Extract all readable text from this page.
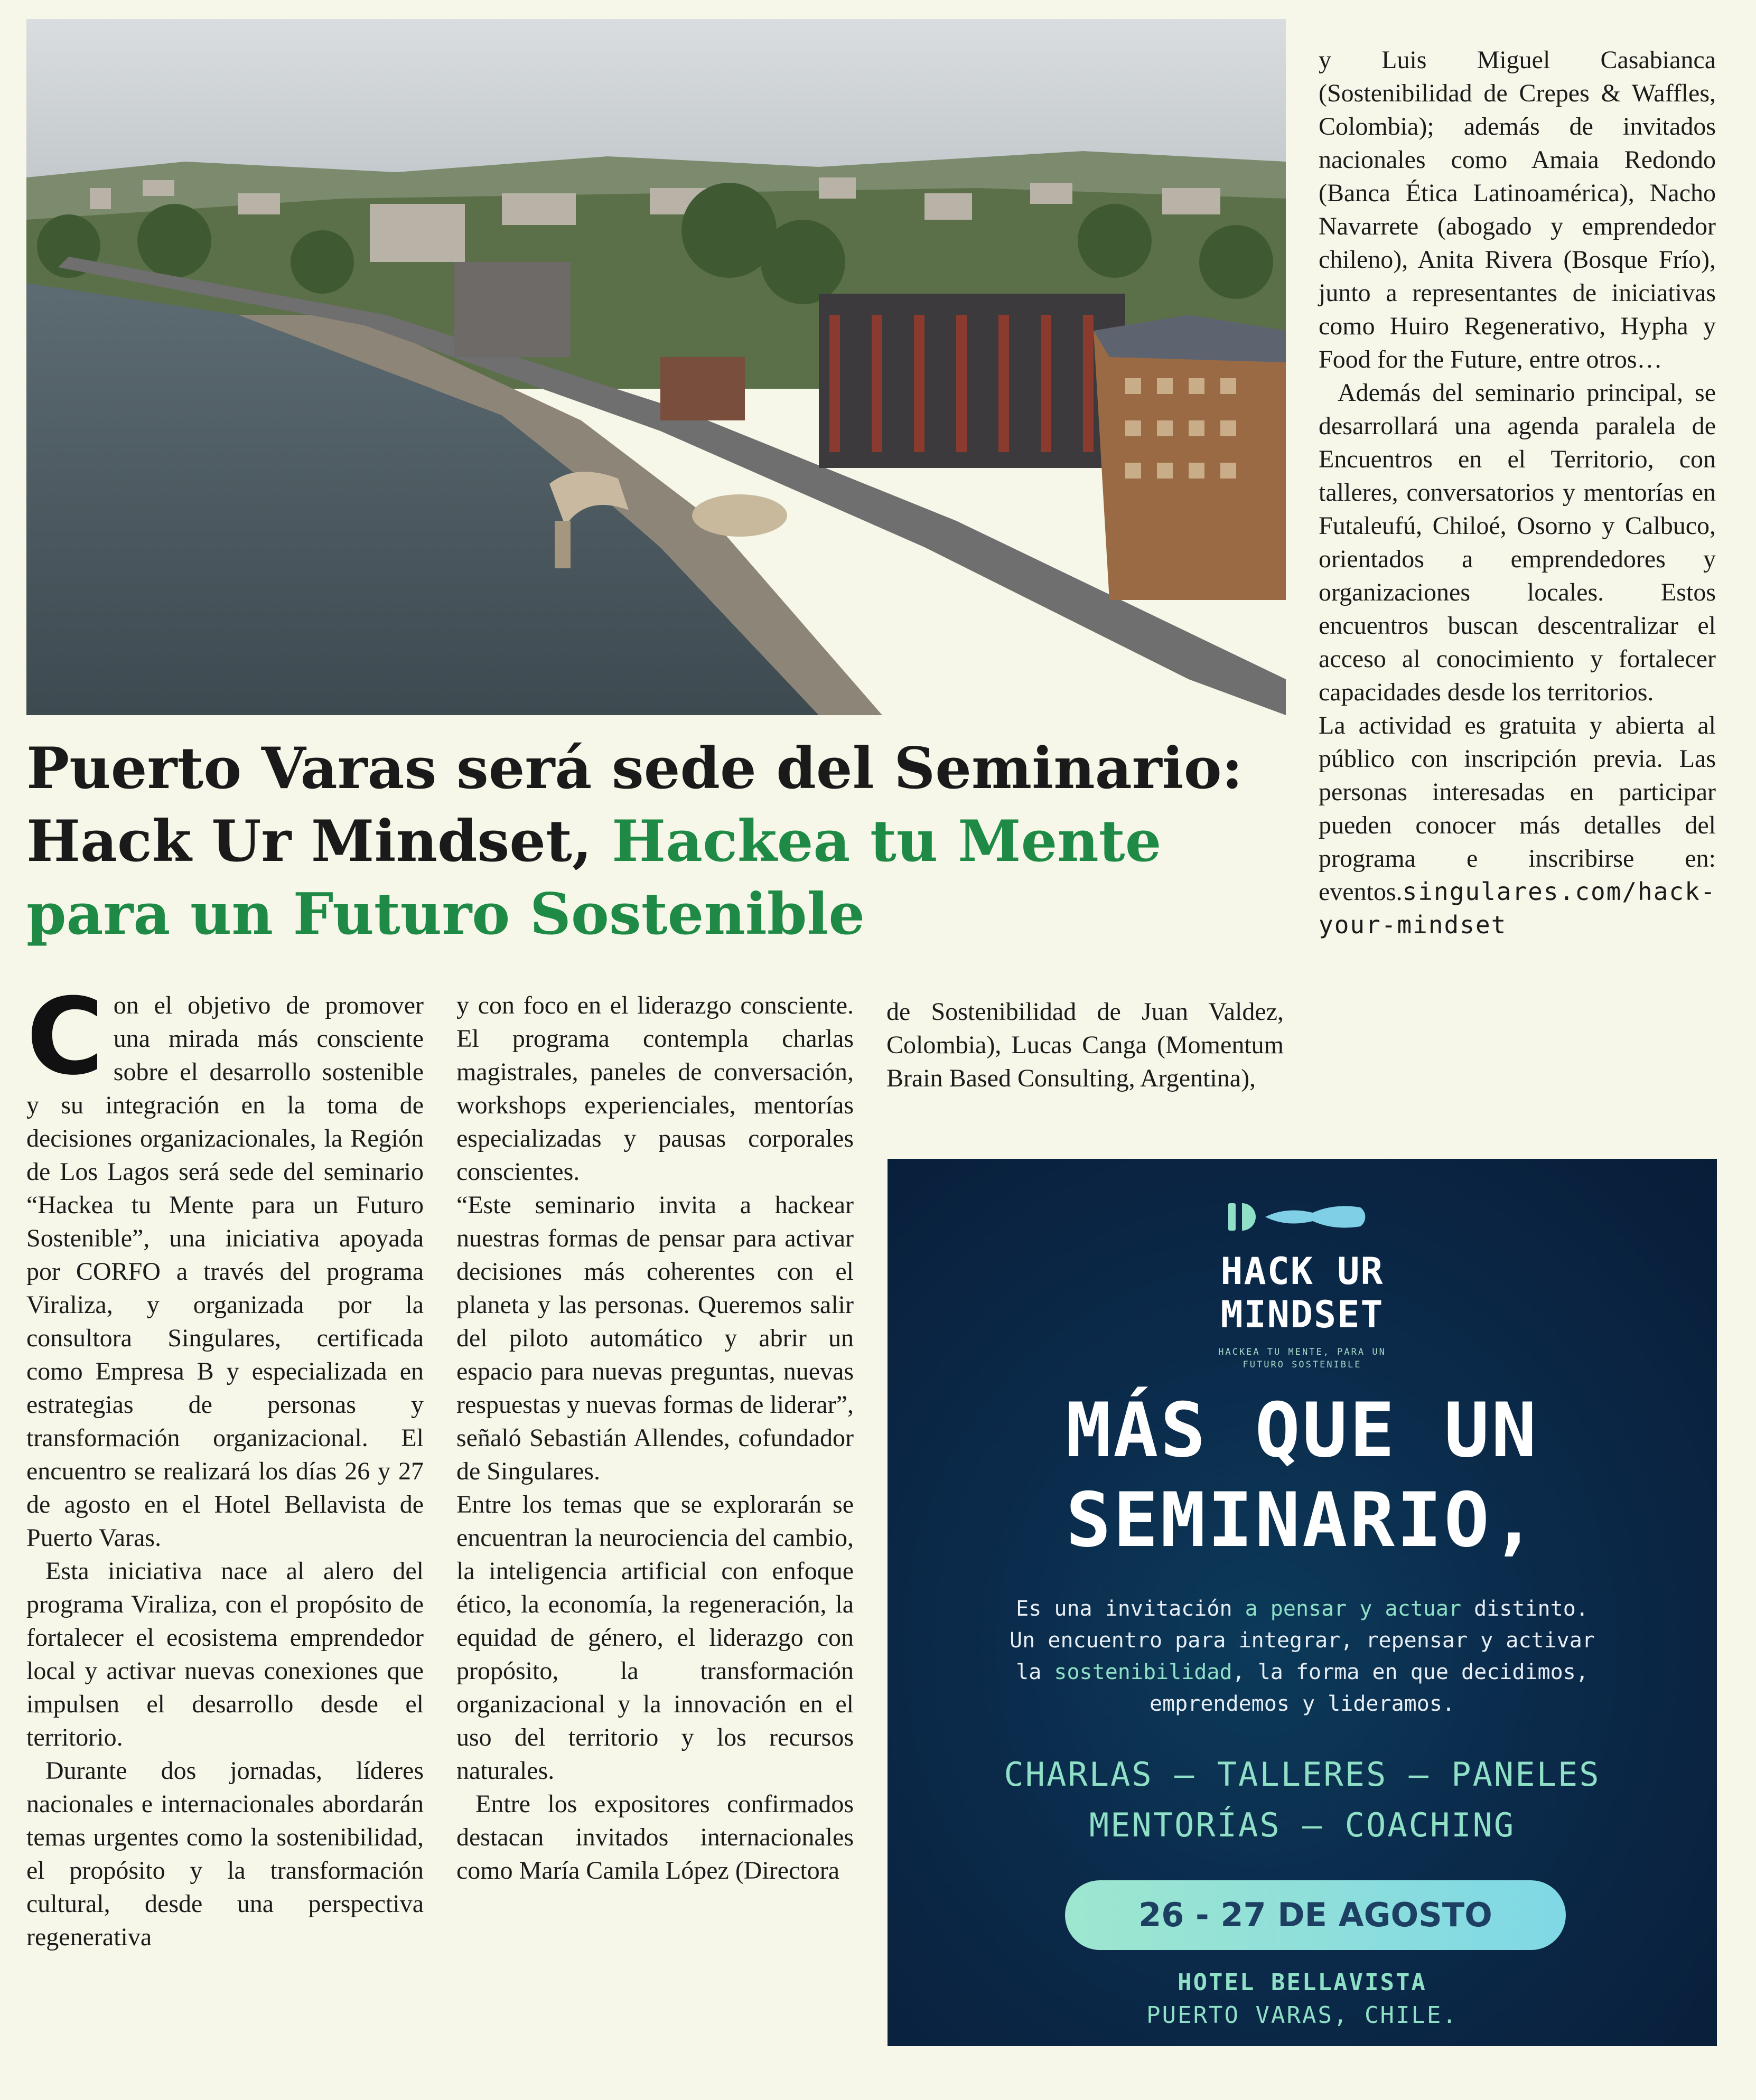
Puerto Varas será sede del Seminario: Hack Ur Mindset, Hackea tu Mente para un Futuro Sostenible

Con el objetivo de promover una mirada más consciente sobre el desarrollo sostenible y su integración en la toma de decisiones organizacionales, la Región de Los Lagos será sede del seminario “Hackea tu Mente para un Futuro Sostenible”, una iniciativa apoyada por CORFO a través del programa Viraliza, y organizada por la consultora Singulares, certificada como Empresa B y especializada en estrategias de personas y transformación organizacional. El encuentro se realizará los días 26 y 27 de agosto en el Hotel Bellavista de Puerto Varas.

Esta iniciativa nace al alero del programa Viraliza, con el propósito de fortalecer el ecosistema emprendedor local y activar nuevas conexiones que impulsen el desarrollo desde el territorio.

Durante dos jornadas, líderes nacionales e internacionales abordarán temas urgentes como la sostenibilidad, el propósito y la transformación cultural, desde una perspectiva regenerativa

y con foco en el liderazgo consciente. El programa contempla charlas magistrales, paneles de conversación, workshops experienciales, mentorías especializadas y pausas corporales conscientes.

“Este seminario invita a hackear nuestras formas de pensar para activar decisiones más coherentes con el planeta y las personas. Queremos salir del piloto automático y abrir un espacio para nuevas preguntas, nuevas respuestas y nuevas formas de liderar”, señaló Sebastián Allendes, cofundador de Singulares.

Entre los temas que se explorarán se encuentran la neurociencia del cambio, la inteligencia artificial con enfoque ético, la economía, la regeneración, la equidad de género, el liderazgo con propósito, la transformación organizacional y la innovación en el uso del territorio y los recursos naturales.

Entre los expositores confirmados destacan invitados internacionales como María Camila López (Directora

de Sostenibilidad de Juan Valdez, Colombia), Lucas Canga (Momentum Brain Based Consulting, Argentina),

y Luis Miguel Casabianca (Sostenibilidad de Crepes & Waffles, Colombia); además de invitados nacionales como Amaia Redondo (Banca Ética Latinoamérica), Nacho Navarrete (abogado y emprendedor chileno), Anita Rivera (Bosque Frío), junto a representantes de iniciativas como Huiro Regenerativo, Hypha y Food for the Future, entre otros…

Además del seminario principal, se desarrollará una agenda paralela de Encuentros en el Territorio, con talleres, conversatorios y mentorías en Futaleufú, Chiloé, Osorno y Calbuco, orientados a emprendedores y organizaciones locales. Estos encuentros buscan descentralizar el acceso al conocimiento y fortalecer capacidades desde los territorios.

La actividad es gratuita y abierta al público con inscripción previa. Las personas interesadas en participar pueden conocer más detalles del programa e inscribirse en: eventos.singulares.com/hack-your-mindset

HACK UR
MINDSET
HACKEA TU MENTE, PARA UN
FUTURO SOSTENIBLE
MÁS QUE UN
SEMINARIO,
Es una invitación a pensar y actuar distinto.
Un encuentro para integrar, repensar y activar
la sostenibilidad, la forma en que decidimos,
emprendemos y lideramos.
CHARLAS – TALLERES – PANELES
MENTORÍAS – COACHING
26 - 27 DE AGOSTO
HOTEL BELLAVISTA
PUERTO VARAS, CHILE.
